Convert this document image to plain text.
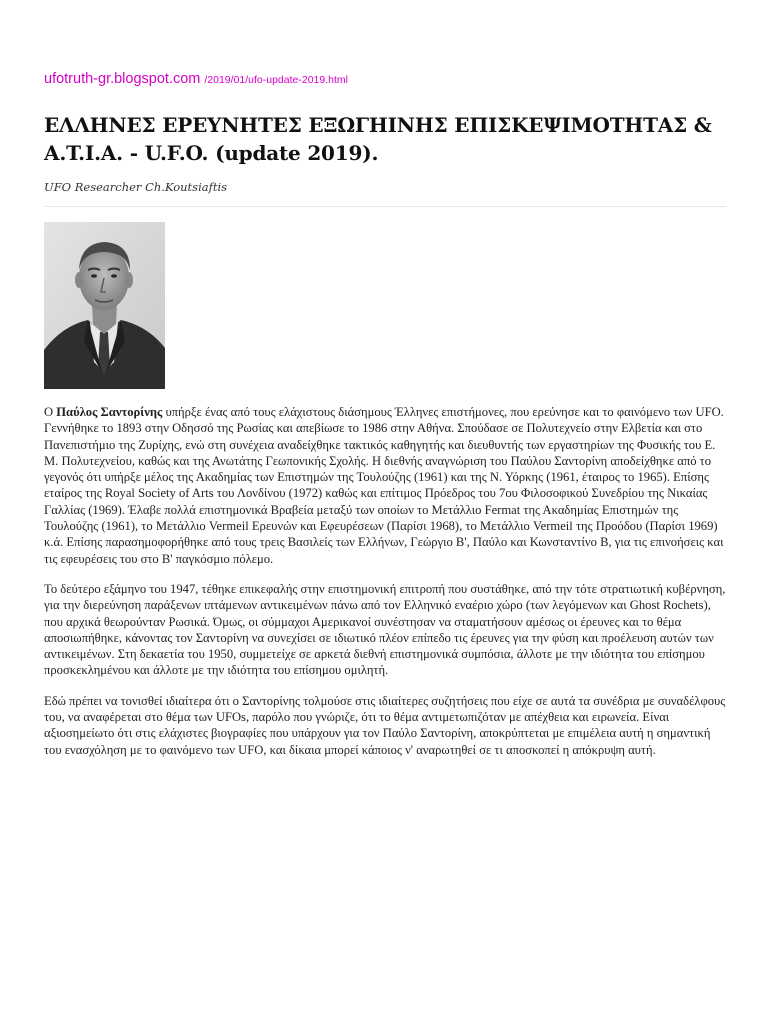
ufotruth-gr.blogspot.com /2019/01/ufo-update-2019.html
ΕΛΛΗΝΕΣ ΕΡΕΥΝΗΤΕΣ ΕΞΩΓΗΙΝΗΣ ΕΠΙΣΚΕΨΙΜΟΤΗΤΑΣ & A.T.I.A. - U.F.O. (update 2019).
UFO Researcher Ch.Koutsiaftis

Ο Παύλος Σαντορίνης υπήρξε ένας από τους ελάχιστους διάσημους Έλληνες επιστήμονες, που ερεύνησε και το φαινόμενο των UFO. Γεννήθηκε το 1893 στην Οδησσό της Ρωσίας και απεβίωσε το 1986 στην Αθήνα. Σπούδασε σε Πολυτεχνείο στην Ελβετία και στο Πανεπιστήμιο της Ζυρίχης, ενώ στη συνέχεια αναδείχθηκε τακτικός καθηγητής και διευθυντής των εργαστηρίων της Φυσικής του Ε. Μ. Πολυτεχνείου, καθώς και της Ανωτάτης Γεωπονικής Σχολής. Η διεθνής αναγνώριση του Παύλου Σαντορίνη αποδείχθηκε από το γεγονός ότι υπήρξε μέλος της Ακαδημίας των Επιστημών της Τουλούζης (1961) και της Ν. Υόρκης (1961, έταιρος το 1965). Επίσης εταίρος της Royal Society of Arts του Λονδίνου (1972) καθώς και επίτιμος Πρόεδρος του 7ου Φιλοσοφικού Συνεδρίου της Νικαίας Γαλλίας (1969). Έλαβε πολλά επιστημονικά Βραβεία μεταξύ των οποίων το Μετάλλιο Fermat της Ακαδημίας Επιστημών της Τουλούζης (1961), το Μετάλλιο Vermeil Ερευνών και Εφευρέσεων (Παρίσι 1968), το Μετάλλιο Vermeil της Προόδου (Παρίσι 1969) κ.ά. Επίσης παρασημοφορήθηκε από τους τρεις Βασιλείς των Ελλήνων, Γεώργιο Β', Παύλο και Κωνσταντίνο Β, για τις επινοήσεις και τις εφευρέσεις του στο Β' παγκόσμιο πόλεμο.

Το δεύτερο εξάμηνο του 1947, τέθηκε επικεφαλής στην επιστημονική επιτροπή που συστάθηκε, από την τότε στρατιωτική κυβέρνηση, για την διερεύνηση παράξενων ιπτάμενων αντικειμένων πάνω από τον Ελληνικό εναέριο χώρο (των λεγόμενων και Ghost Rochets), που αρχικά θεωρούνταν Ρωσικά. Όμως, οι σύμμαχοι Αμερικανοί συνέστησαν να σταματήσουν αμέσως οι έρευνες και το θέμα αποσιωπήθηκε, κάνοντας τον Σαντορίνη να συνεχίσει σε ιδιωτικό πλέον επίπεδο τις έρευνες για την φύση και προέλευση αυτών των αντικειμένων. Στη δεκαετία του 1950, συμμετείχε σε αρκετά διεθνή επιστημονικά συμπόσια, άλλοτε με την ιδιότητα του επίσημου προσκεκλημένου και άλλοτε με την ιδιότητα του επίσημου ομιλητή.

Εδώ πρέπει να τονισθεί ιδιαίτερα ότι ο Σαντορίνης τολμούσε στις ιδιαίτερες συζητήσεις που είχε σε αυτά τα συνέδρια με συναδέλφους του, να αναφέρεται στο θέμα των UFOs, παρόλο που γνώριζε, ότι το θέμα αντιμετωπιζόταν με απέχθεια και ειρωνεία. Είναι αξιοσημείωτο ότι στις ελάχιστες βιογραφίες που υπάρχουν για τον Παύλο Σαντορίνη, αποκρύπτεται με επιμέλεια αυτή η σημαντική του ενασχόληση με το φαινόμενο των UFO, και δίκαια μπορεί κάποιος ν' αναρωτηθεί σε τι αποσκοπεί η απόκρυψη αυτή.
